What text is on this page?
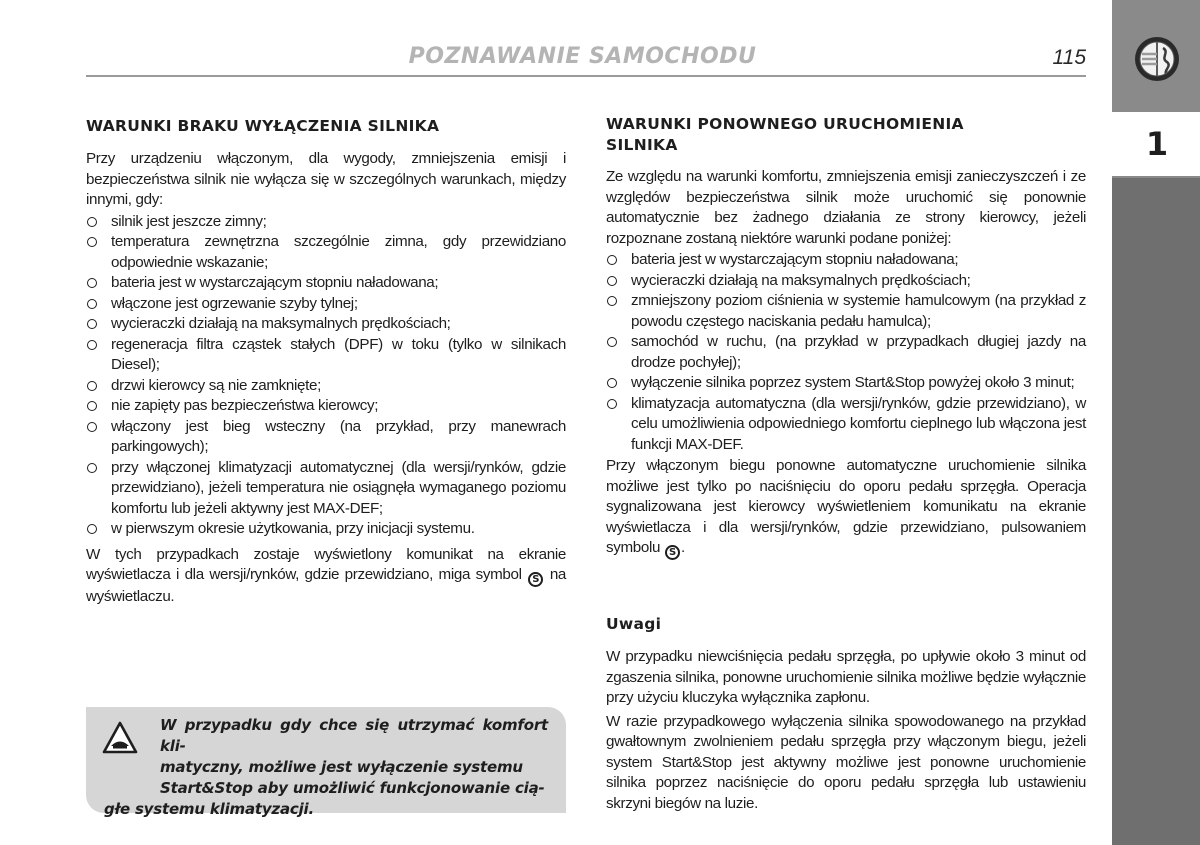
1
POZNAWANIE SAMOCHODU	115
WARUNKI BRAKU WYŁĄCZENIA SILNIKA

Przy urządzeniu włączonym, dla wygody, zmniejszenia emisji i bezpieczeństwa silnik nie wyłącza się w szczególnych warunkach, między innymi, gdy:

silnik jest jeszcze zimny;
temperatura zewnętrzna szczególnie zimna, gdy przewidziano odpowiednie wskazanie;
bateria jest w wystarczającym stopniu naładowana;
włączone jest ogrzewanie szyby tylnej;
wycieraczki działają na maksymalnych prędkościach;
regeneracja filtra cząstek stałych (DPF) w toku (tylko w silnikach Diesel);
drzwi kierowcy są nie zamknięte;
nie zapięty pas bezpieczeństwa kierowcy;
włączony jest bieg wsteczny (na przykład, przy manewrach parkingowych);
przy włączonej klimatyzacji automatycznej (dla wersji/rynków, gdzie przewidziano), jeżeli temperatura nie osiągnęła wymaganego poziomu komfortu lub jeżeli aktywny jest MAX-DEF;
w pierwszym okresie użytkowania, przy inicjacji systemu.

W tych przypadkach zostaje wyświetlony komunikat na ekranie wyświetlacza i dla wersji/rynków, gdzie przewidziano, miga symbol S na wyświetlaczu.

W przypadku gdy chce się utrzymać komfort kli-
matyczny, możliwe jest wyłączenie systemu
Start&Stop aby umożliwić funkcjonowanie cią-
głe systemu klimatyzacji.
WARUNKI PONOWNEGO URUCHOMIENIA
SILNIKA

Ze względu na warunki komfortu, zmniejszenia emisji zanieczyszczeń i ze względów bezpieczeństwa silnik może uruchomić się ponownie automatycznie bez żadnego działania ze strony kierowcy, jeżeli rozpoznane zostaną niektóre warunki podane poniżej:

bateria jest w wystarczającym stopniu naładowana;
wycieraczki działają na maksymalnych prędkościach;
zmniejszony poziom ciśnienia w systemie hamulcowym (na przykład z powodu częstego naciskania pedału hamulca);
samochód w ruchu, (na przykład w przypadkach długiej jazdy na drodze pochyłej);
wyłączenie silnika poprzez system Start&Stop powyżej około 3 minut;
klimatyzacja automatyczna (dla wersji/rynków, gdzie przewidziano), w celu umożliwienia odpowiedniego komfortu cieplnego lub włączona jest funkcji MAX-DEF.

Przy włączonym biegu ponowne automatyczne uruchomienie silnika możliwe jest tylko po naciśnięciu do oporu pedału sprzęgła. Operacja sygnalizowana jest kierowcy wyświetleniem komunikatu na ekranie wyświetlacza i dla wersji/rynków, gdzie przewidziano, pulsowaniem symbolu S .

Uwagi

W przypadku niewciśnięcia pedału sprzęgła, po upływie około 3 minut od zgaszenia silnika, ponowne uruchomienie silnika możliwe będzie wyłącznie przy użyciu kluczyka wyłącznika zapłonu.

W razie przypadkowego wyłączenia silnika spowodowanego na przykład gwałtownym zwolnieniem pedału sprzęgła przy włączonym biegu, jeżeli system Start&Stop jest aktywny możliwe jest ponowne uruchomienie silnika poprzez naciśnięcie do oporu pedału sprzęgła lub ustawieniu skrzyni biegów na luzie.
